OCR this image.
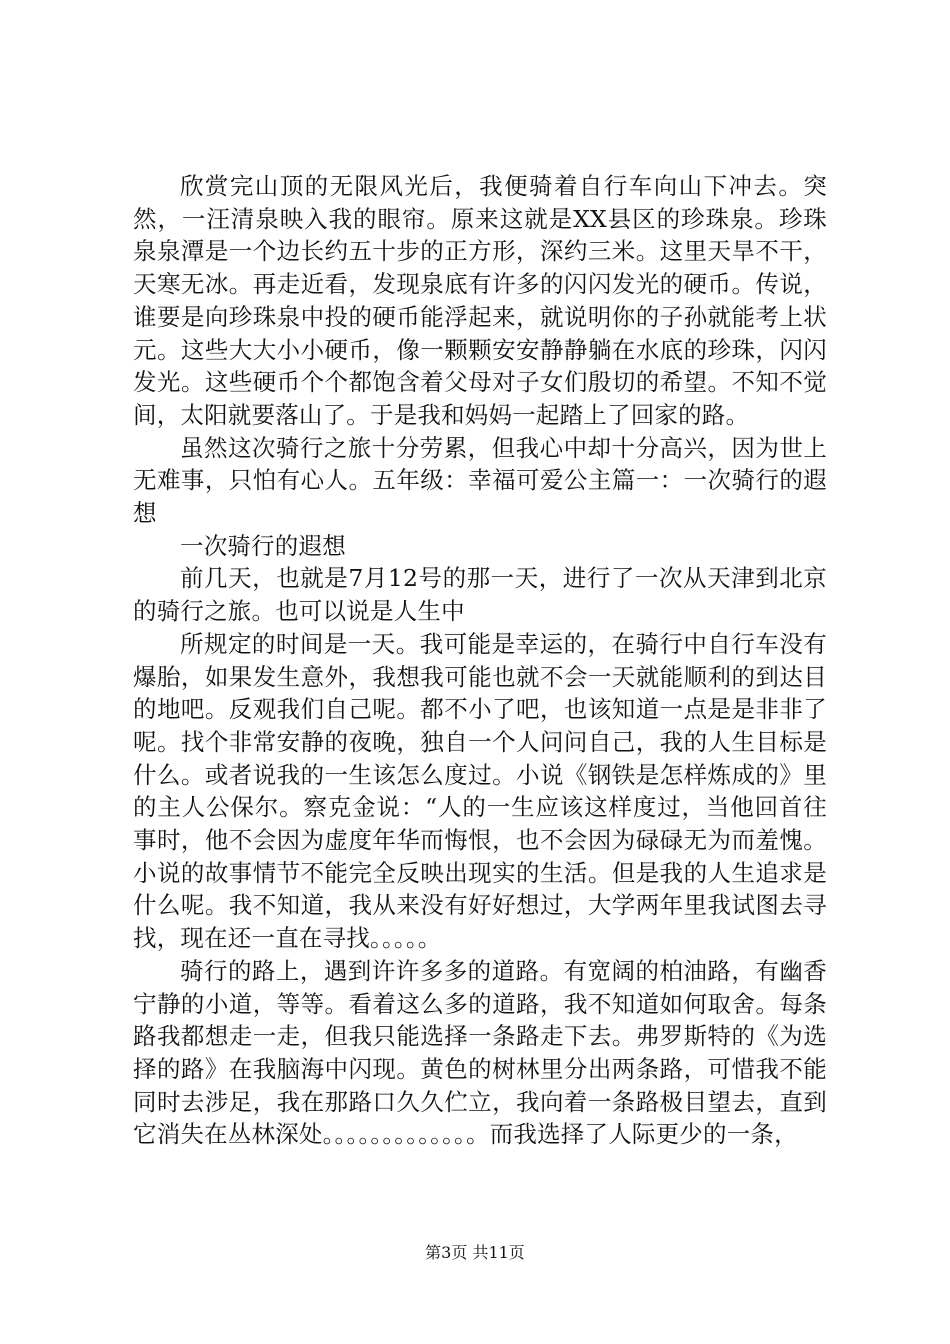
欣赏完山顶的无限风光后，我便骑着自行车向山下冲去。突然，一汪清泉映入我的眼帘。原来这就是XX县区的珍珠泉。珍珠泉泉潭是一个边长约五十步的正方形，深约三米。这里天旱不干，天寒无冰。再走近看，发现泉底有许多的闪闪发光的硬币。传说，谁要是向珍珠泉中投的硬币能浮起来，就说明你的子孙就能考上状元。这些大大小小硬币，像一颗颗安安静静躺在水底的珍珠，闪闪发光。这些硬币个个都饱含着父母对子女们殷切的希望。不知不觉间，太阳就要落山了。于是我和妈妈一起踏上了回家的路。

虽然这次骑行之旅十分劳累，但我心中却十分高兴，因为世上无难事，只怕有心人。五年级：幸福可爱公主篇一：一次骑行的遐想

一次骑行的遐想

前几天，也就是7月12号的那一天，进行了一次从天津到北京的骑行之旅。也可以说是人生中

所规定的时间是一天。我可能是幸运的，在骑行中自行车没有爆胎，如果发生意外，我想我可能也就不会一天就能顺利的到达目的地吧。反观我们自己呢。都不小了吧，也该知道一点是是非非了呢。找个非常安静的夜晚，独自一个人问问自己，我的人生目标是什么。或者说我的一生该怎么度过。小说《钢铁是怎样炼成的》里的主人公保尔。察克金说：“人的一生应该这样度过，当他回首往事时，他不会因为虚度年华而悔恨，也不会因为碌碌无为而羞愧。小说的故事情节不能完全反映出现实的生活。但是我的人生追求是什么呢。我不知道，我从来没有好好想过，大学两年里我试图去寻找，现在还一直在寻找。。。。。

骑行的路上，遇到许许多多的道路。有宽阔的柏油路，有幽香宁静的小道，等等。看着这么多的道路，我不知道如何取舍。每条路我都想走一走，但我只能选择一条路走下去。弗罗斯特的《为选择的路》在我脑海中闪现。黄色的树林里分出两条路，可惜我不能同时去涉足，我在那路口久久伫立，我向着一条路极目望去，直到它消失在丛林深处。。。。。。。。。。。。。而我选择了人际更少的一条，

第3页 共11页
